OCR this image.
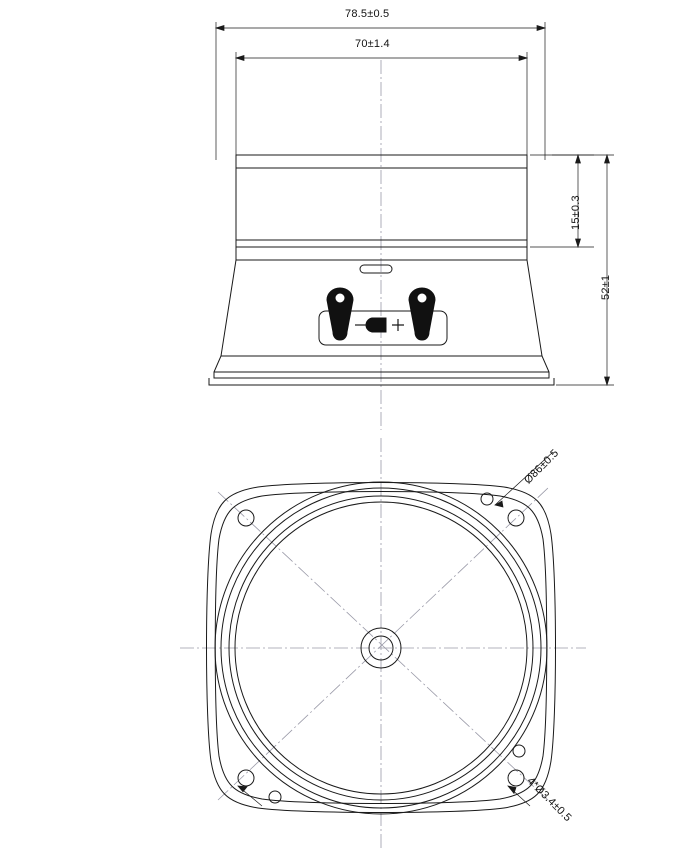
78.5±0.5
70±1.4
15±0.3
52±1
Ø86±0.5
4*Ø3.4±0.5
